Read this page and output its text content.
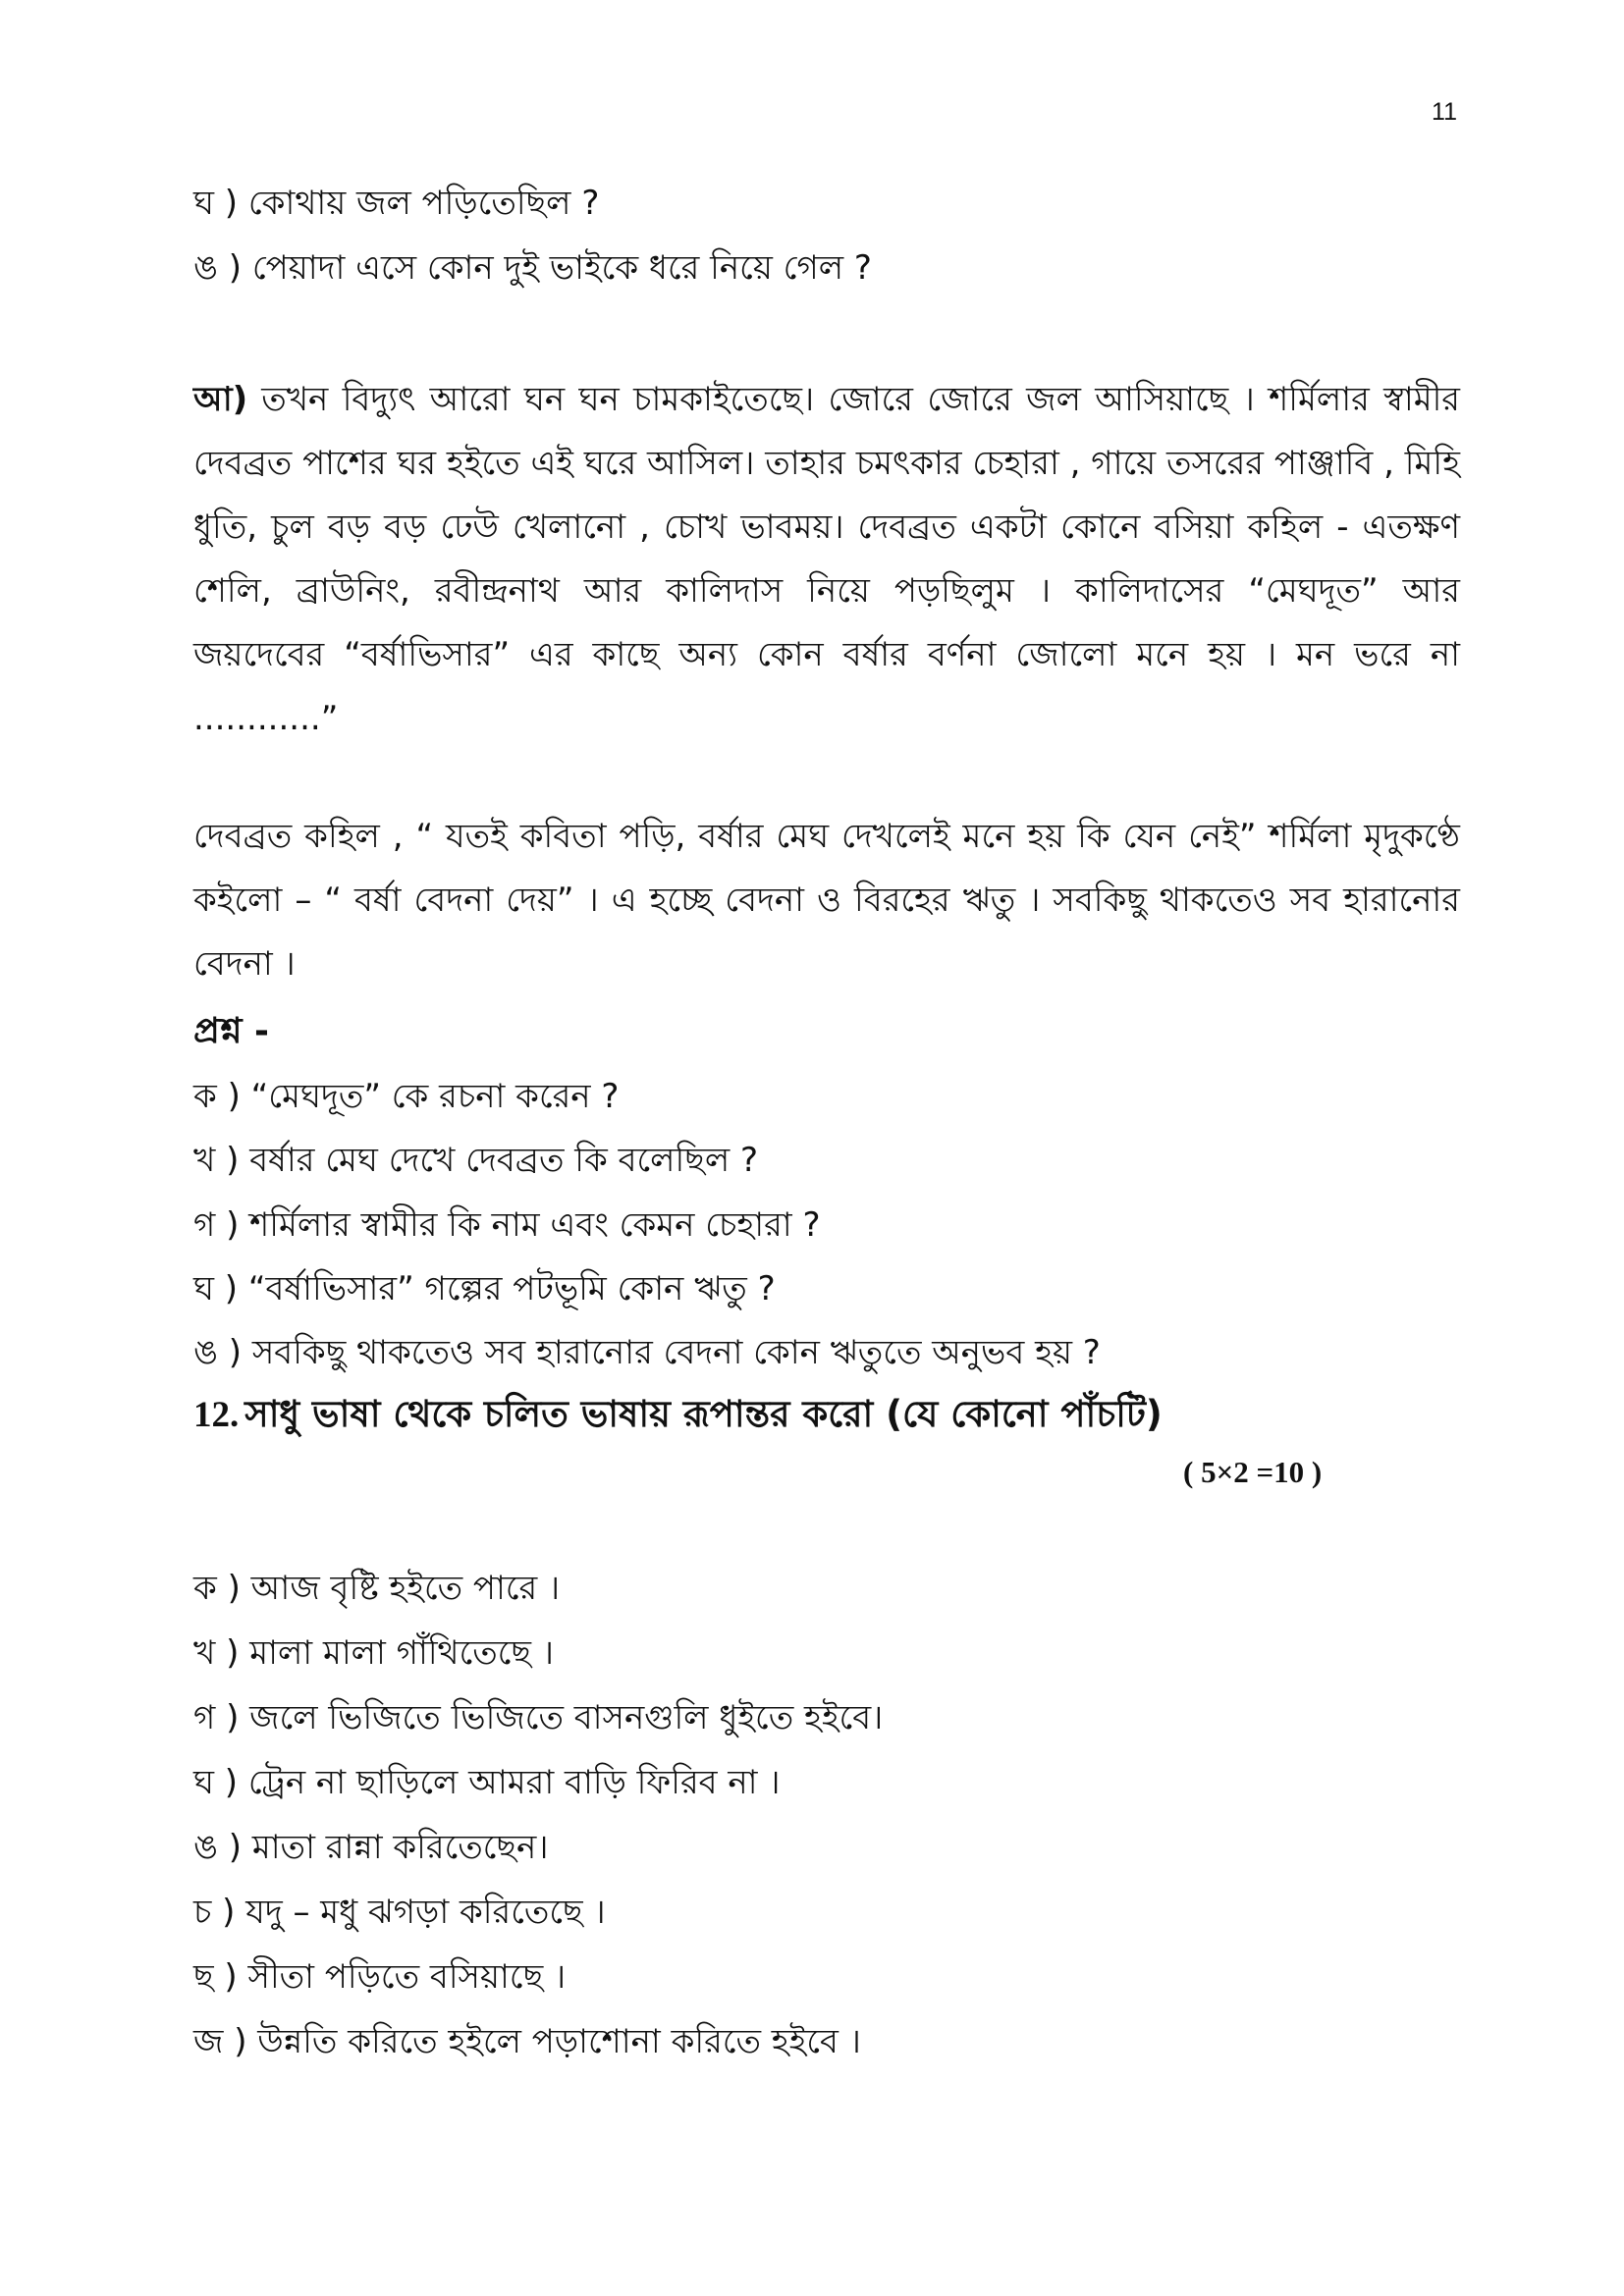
11
ঘ ) কোথায় জল পড়িতেছিল ?
ঙ ) পেয়াদা এসে কোন দুই ভাইকে ধরে নিয়ে গেল ?
আ) তখন বিদ্যুৎ আরো ঘন ঘন চামকাইতেছে। জোরে জোরে জল আসিয়াছে । শর্মিলার স্বামীর দেবব্রত পাশের ঘর হইতে এই ঘরে আসিল। তাহার চমৎকার চেহারা , গায়ে তসরের পাঞ্জাবি , মিহি ধুতি, চুল বড় বড় ঢেউ খেলানো , চোখ ভাবময়। দেবব্রত একটা কোনে বসিয়া কহিল - এতক্ষণ শেলি, ব্রাউনিং, রবীন্দ্রনাথ আর কালিদাস নিয়ে পড়ছিলুম । কালিদাসের “মেঘদূত” আর জয়দেবের “বর্ষাভিসার” এর কাছে অন্য কোন বর্ষার বর্ণনা জোলো মনে হয় । মন ভরে না ............”
দেবব্রত কহিল , “ যতই কবিতা পড়ি, বর্ষার মেঘ দেখলেই মনে হয় কি যেন নেই” শর্মিলা মৃদুকণ্ঠে কইলো – “ বর্ষা বেদনা দেয়” । এ হচ্ছে বেদনা ও বিরহের ঋতু । সবকিছু থাকতেও সব হারানোর বেদনা ।
প্রশ্ন -
ক ) “মেঘদূত” কে রচনা করেন ?
খ ) বর্ষার মেঘ দেখে দেবব্রত কি বলেছিল ?
গ ) শর্মিলার স্বামীর কি নাম এবং কেমন চেহারা ?
ঘ ) “বর্ষাভিসার” গল্পের পটভূমি কোন ঋতু ?
ঙ ) সবকিছু থাকতেও সব হারানোর বেদনা কোন ঋতুতে অনুভব হয় ?
12. সাধু ভাষা থেকে চলিত ভাষায় রূপান্তর করো (যে কোনো পাঁচটি)
( 5×2 =10 )
ক ) আজ বৃষ্টি হইতে পারে ।
খ ) মালা মালা গাঁথিতেছে ।
গ ) জলে ভিজিতে ভিজিতে বাসনগুলি ধুইতে হইবে।
ঘ ) ট্রেন না ছাড়িলে আমরা বাড়ি ফিরিব না ।
ঙ ) মাতা রান্না করিতেছেন।
চ ) যদু – মধু ঝগড়া করিতেছে ।
ছ ) সীতা পড়িতে বসিয়াছে ।
জ ) উন্নতি করিতে হইলে পড়াশোনা করিতে হইবে ।
